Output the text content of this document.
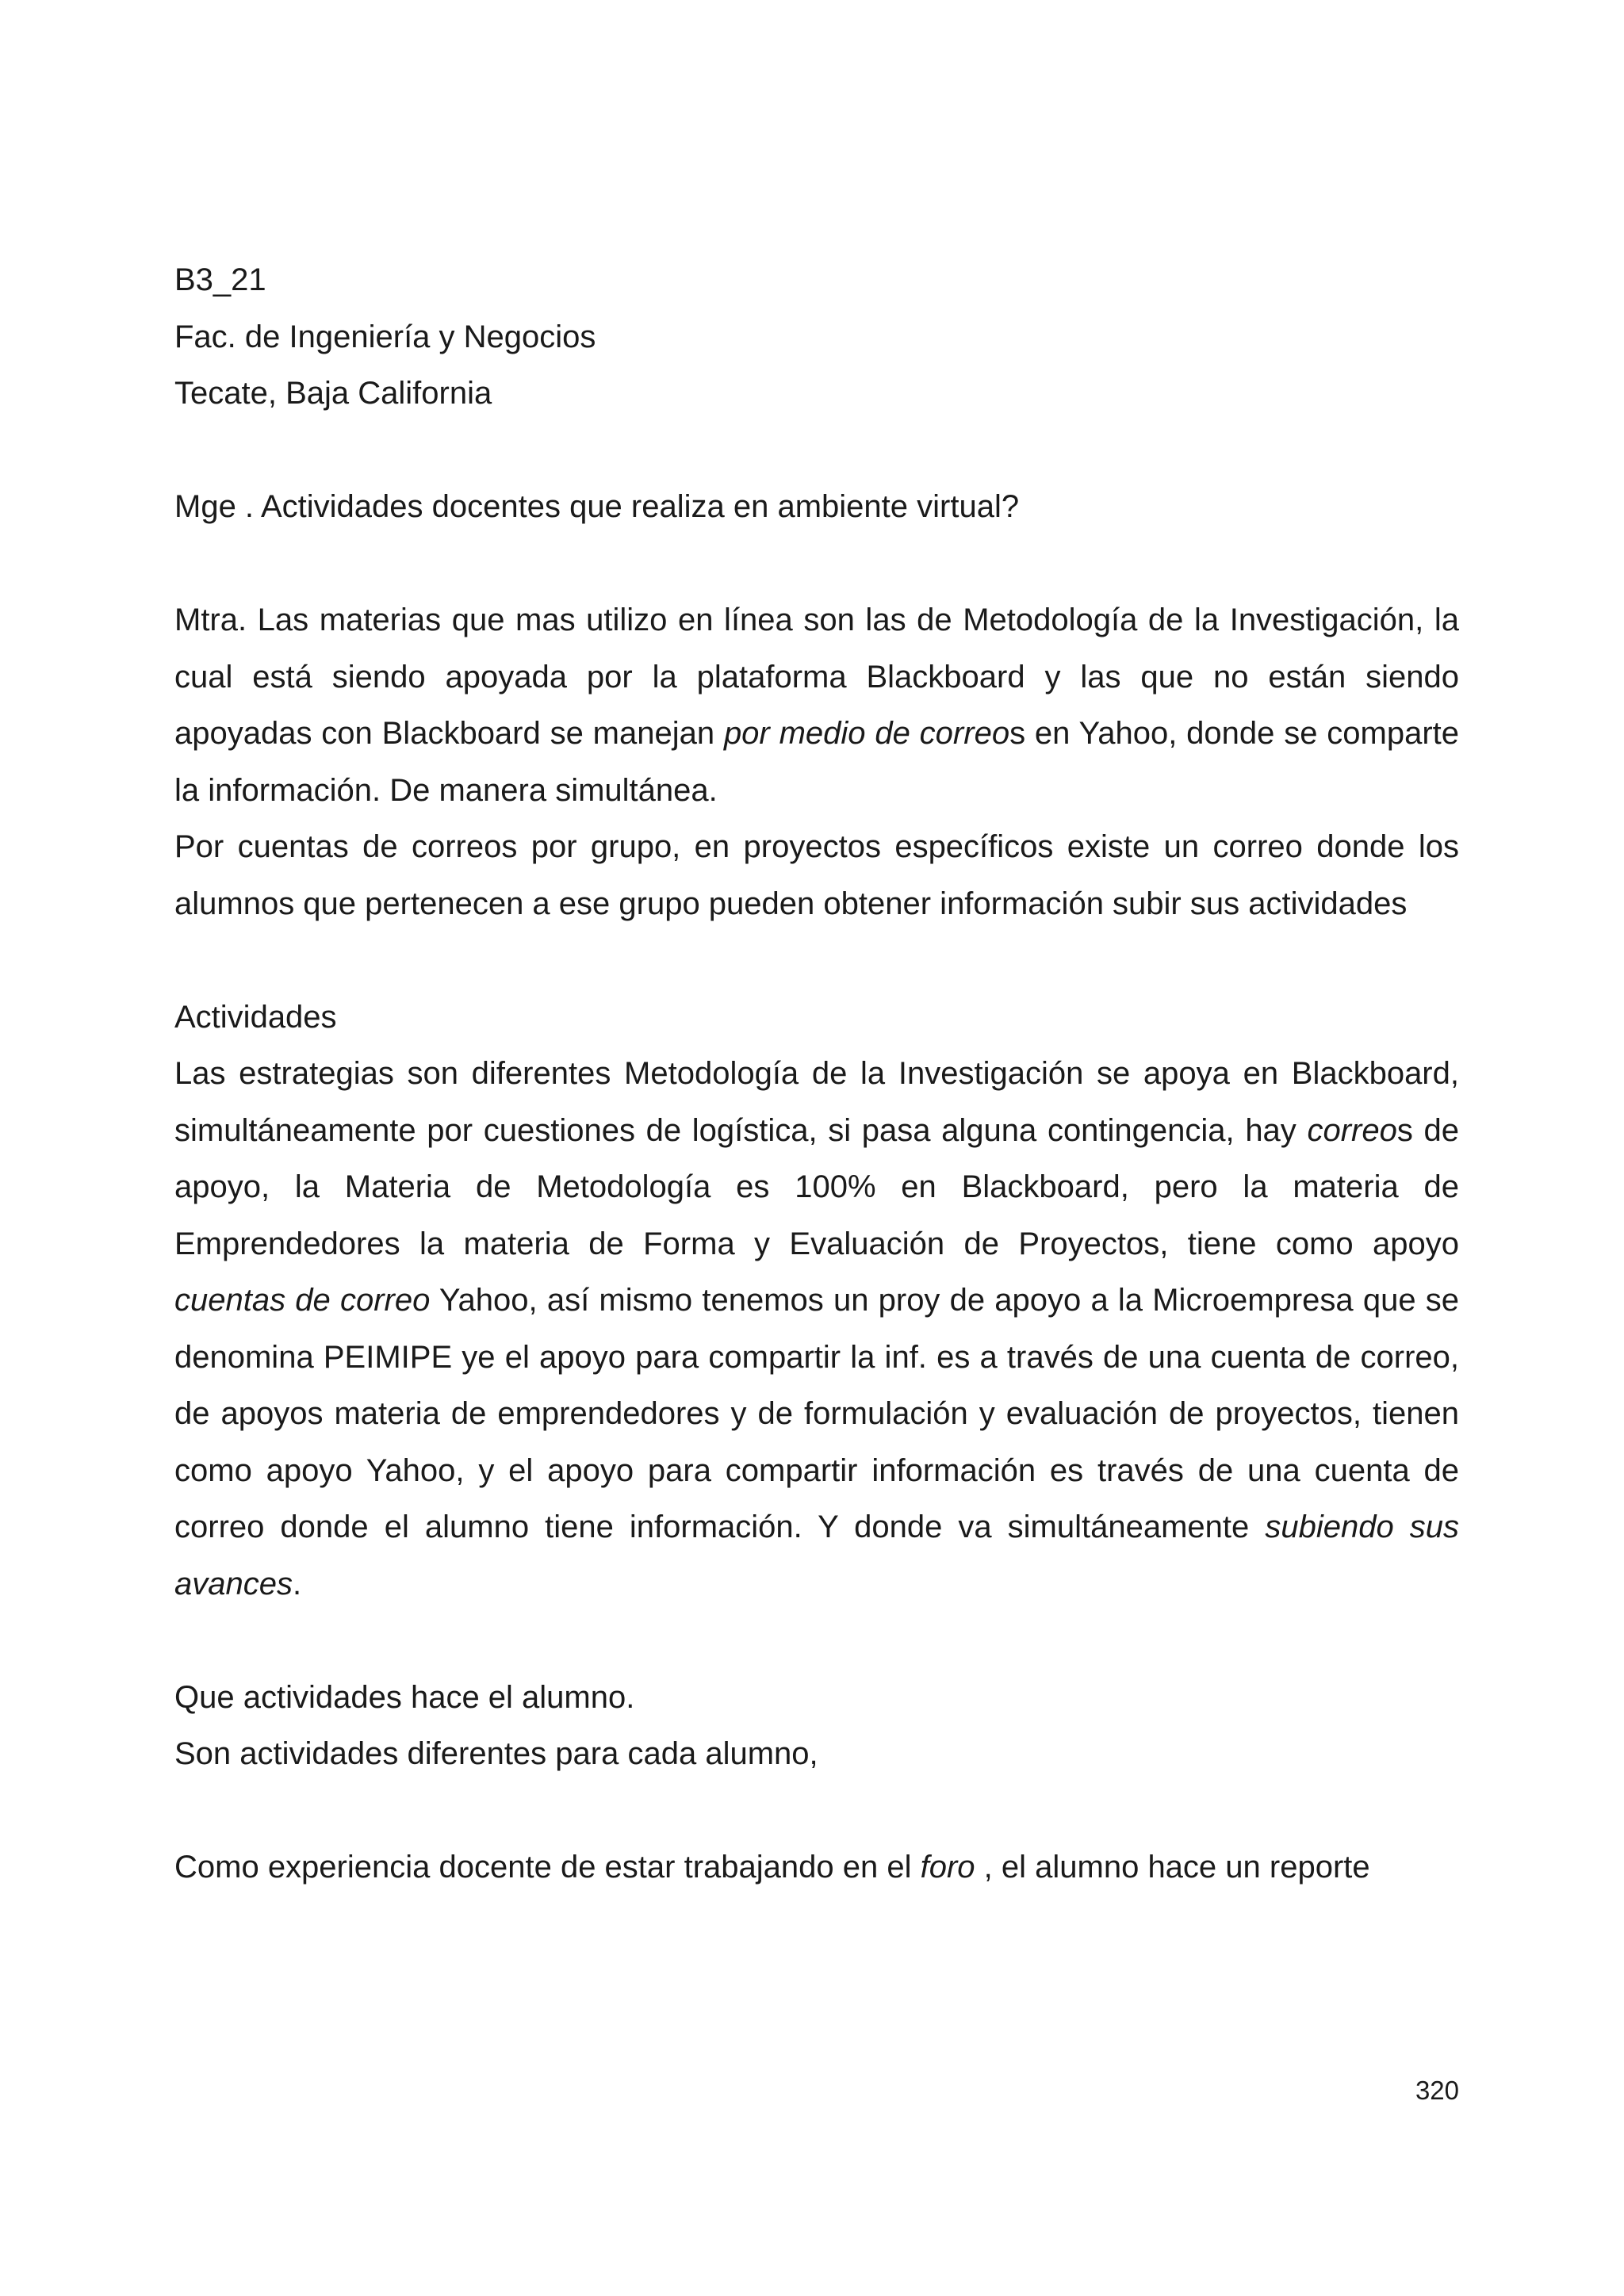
B3_21

Fac. de Ingeniería y Negocios

Tecate, Baja California

Mge . Actividades docentes que realiza en ambiente virtual?

Mtra. Las materias que mas utilizo en línea son las de Metodología de la Investigación, la cual está siendo apoyada por la plataforma Blackboard y las que no están siendo apoyadas con Blackboard se manejan por medio de correos en Yahoo, donde se comparte la información. De manera simultánea.

Por cuentas de correos por grupo, en proyectos específicos existe un correo donde los alumnos que pertenecen a ese grupo pueden obtener información subir sus actividades

Actividades

Las estrategias son diferentes Metodología de la Investigación se apoya en Blackboard, simultáneamente por cuestiones de logística, si pasa alguna contingencia, hay correos de apoyo, la Materia de Metodología es 100% en Blackboard, pero la materia de Emprendedores la materia de Forma y Evaluación de Proyectos, tiene como apoyo cuentas de correo Yahoo, así mismo tenemos un proy de apoyo a la Microempresa que se denomina PEIMIPE ye el apoyo para compartir la inf. es a través de una cuenta de correo, de apoyos materia de emprendedores y de formulación y evaluación de proyectos, tienen como apoyo Yahoo, y el apoyo para compartir información es través de una cuenta de correo donde el alumno tiene información. Y donde va simultáneamente subiendo sus avances.

Que actividades hace el alumno.

Son actividades diferentes para cada alumno,

Como experiencia docente de estar trabajando en el foro , el alumno hace un reporte

320
